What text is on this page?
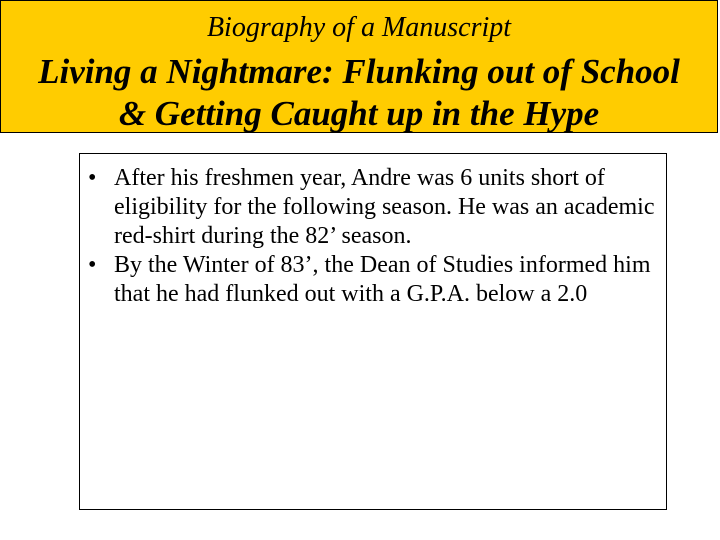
Biography of a Manuscript
Living a Nightmare: Flunking out of School
& Getting Caught up in the Hype
• After his freshmen year, Andre was 6 units short of eligibility for the following season. He was an academic red-shirt during the 82’ season.
• By the Winter of 83’, the Dean of Studies informed him that he had flunked out with a G.P.A. below a 2.0
